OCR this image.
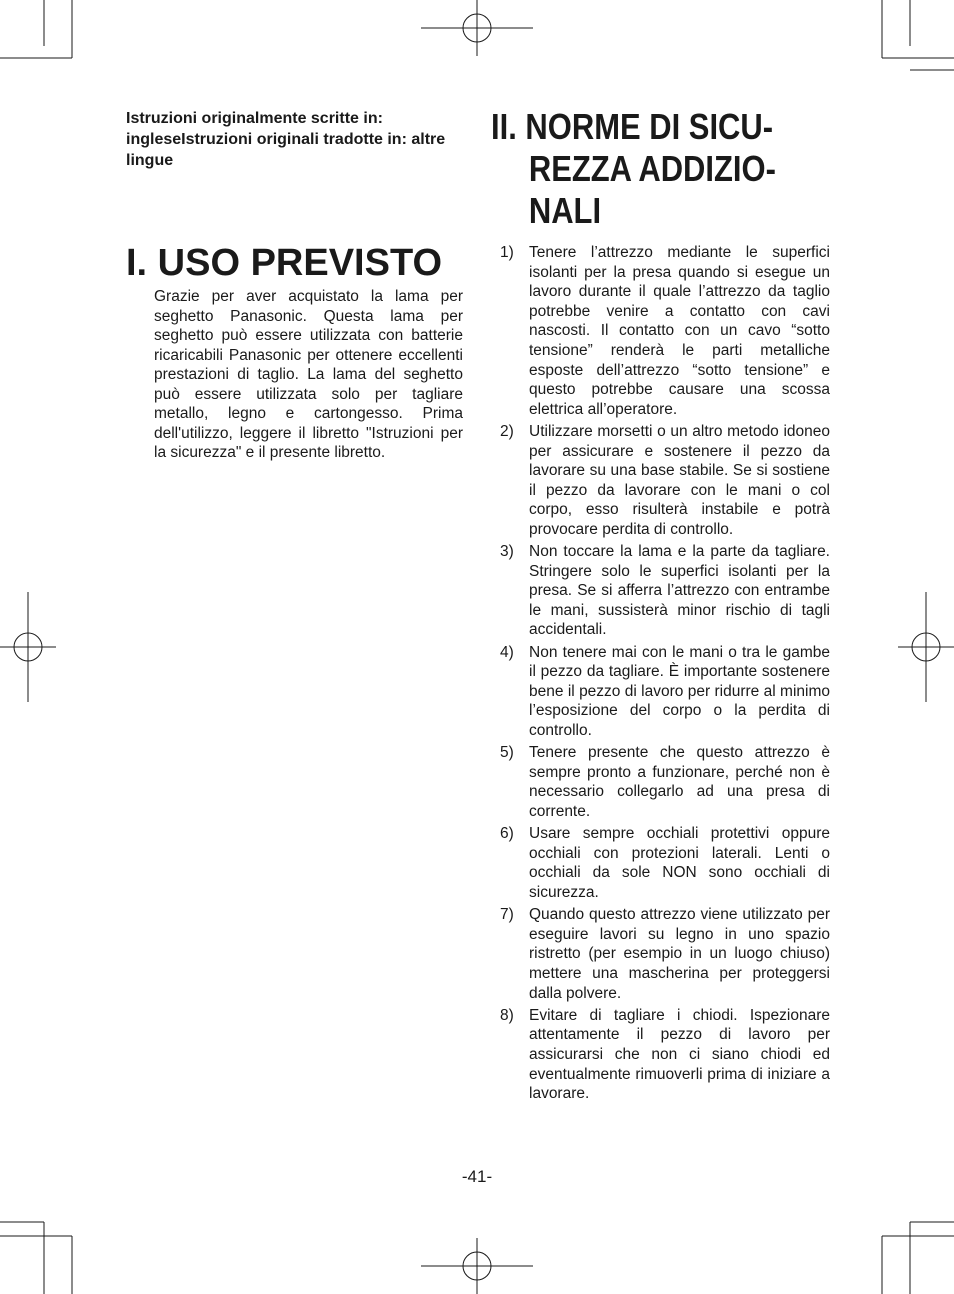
Istruzioni originalmente scritte in: ingleseIstruzioni originali tradotte in: altre lingue
I. USO PREVISTO

Grazie per aver acquistato la lama per seghetto Panasonic. Questa lama per seghetto può essere utilizzata con batterie ricaricabili Panasonic per ottenere eccellenti prestazioni di taglio. La lama del seghetto può essere utilizzata solo per tagliare metallo, legno e cartongesso. Prima dell'utilizzo, leggere il libretto "Istruzioni per la sicurezza" e il presente libretto.

II. NORME DI SICU-
REZZA ADDIZIO-
NALI
1) Tenere l’attrezzo mediante le superfici isolanti per la presa quando si esegue un lavoro durante il quale l’attrezzo da taglio potrebbe venire a contatto con cavi nascosti. Il contatto con un cavo “sotto tensione” renderà le parti metalliche esposte dell’attrezzo “sotto tensione” e questo potrebbe causare una scossa elettrica all’operatore.
2) Utilizzare morsetti o un altro metodo idoneo per assicurare e sostenere il pezzo da lavorare su una base stabile. Se si sostiene il pezzo da lavorare con le mani o col corpo, esso risulterà instabile e potrà provocare perdita di controllo.
3) Non toccare la lama e la parte da tagliare. Stringere solo le superfici isolanti per la presa. Se si afferra l’attrezzo con entrambe le mani, sussisterà minor rischio di tagli accidentali.
4) Non tenere mai con le mani o tra le gambe il pezzo da tagliare. È importante sostenere bene il pezzo di lavoro per ridurre al minimo l’esposizione del corpo o la perdita di controllo.
5) Tenere presente che questo attrezzo è sempre pronto a funzionare, perché non è necessario collegarlo ad una presa di corrente.
6) Usare sempre occhiali protettivi oppure occhiali con protezioni laterali. Lenti o occhiali da sole NON sono occhiali di sicurezza.
7) Quando questo attrezzo viene utilizzato per eseguire lavori su legno in uno spazio ristretto (per esempio in un luogo chiuso) mettere una mascherina per proteggersi dalla polvere.
8) Evitare di tagliare i chiodi. Ispezionare attentamente il pezzo di lavoro per assicurarsi che non ci siano chiodi ed eventualmente rimuoverli prima di iniziare a lavorare.
-41-
